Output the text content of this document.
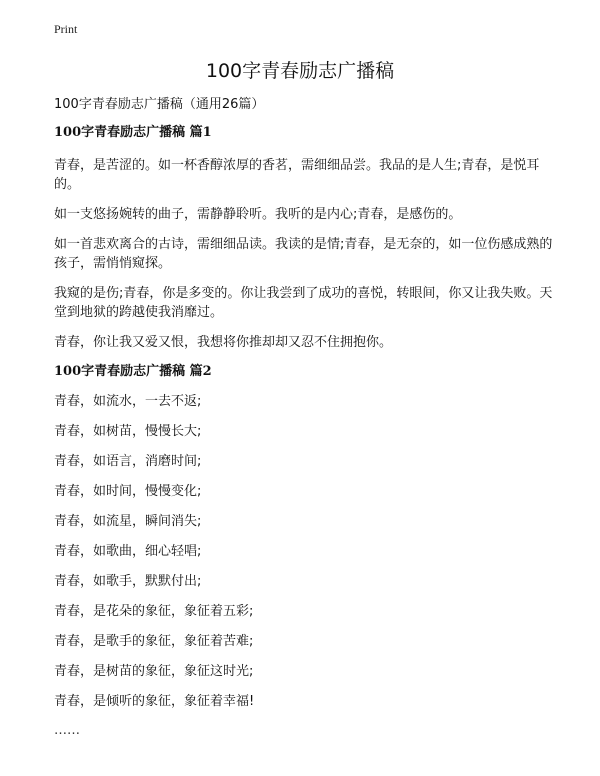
Print
100字青春励志广播稿

100字青春励志广播稿（通用26篇）

100字青春励志广播稿 篇1

青春，是苦涩的。如一杯香醇浓厚的香茗，需细细品尝。我品的是人生;青春，是悦耳的。

如一支悠扬婉转的曲子，需静静聆听。我听的是内心;青春，是感伤的。

如一首悲欢离合的古诗，需细细品读。我读的是情;青春，是无奈的，如一位伤感成熟的孩子，需悄悄窥探。

我窥的是伤;青春，你是多变的。你让我尝到了成功的喜悦，转眼间，你又让我失败。天堂到地狱的跨越使我消靡过。

青春，你让我又爱又恨，我想将你推却却又忍不住拥抱你。

100字青春励志广播稿 篇2

青春，如流水，一去不返;

青春，如树苗，慢慢长大;

青春，如语言，消磨时间;

青春，如时间，慢慢变化;

青春，如流星，瞬间消失;

青春，如歌曲，细心轻唱;

青春，如歌手，默默付出;

青春，是花朵的象征，象征着五彩;

青春，是歌手的象征，象征着苦难;

青春，是树苗的象征，象征这时光;

青春，是倾听的象征，象征着幸福!

……
